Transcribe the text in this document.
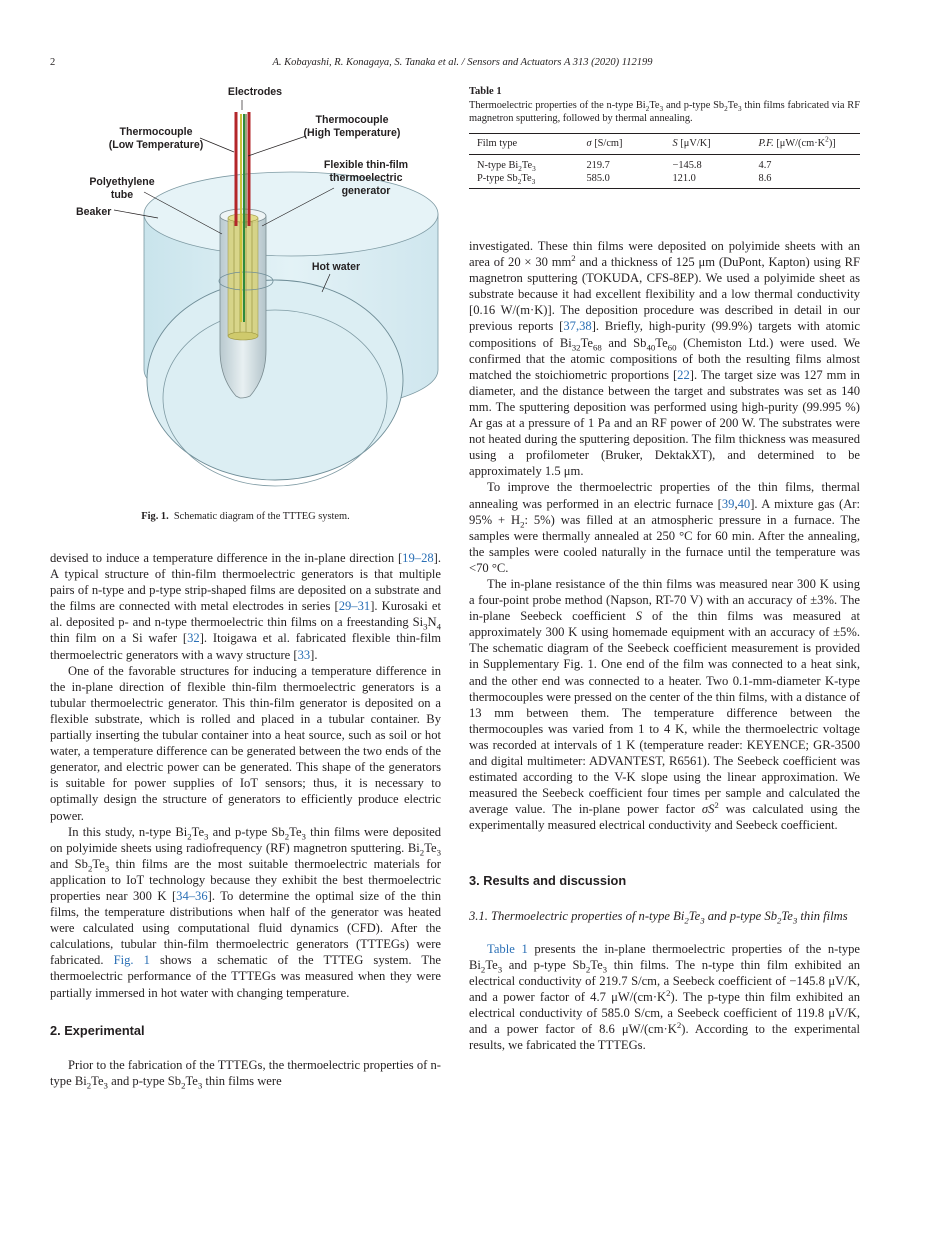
2	A. Kobayashi, R. Konagaya, S. Tanaka et al. / Sensors and Actuators A 313 (2020) 112199
Electrodes
Thermocouple
(Low Temperature)
Thermocouple
(High Temperature)
Flexible thin-film
thermoelectric
generator
Polyethylene
tube
Beaker
Hot water
Fig. 1. Schematic diagram of the TTTEG system.
Table 1
Thermoelectric properties of the n-type $Bi_2Te_3$ and p-type $Sb_2Te_3$ thin films fabricated via RF magnetron sputtering, followed by thermal annealing.
Film type	σ [S/cm]	S [μV/K]	P.F. $[\mu W/(cm\cdot K^2)]$
N-type $Bi_2Te_3$	219.7	−145.8	4.7
P-type $Sb_2Te_3$	585.0	121.0	8.6

devised to induce a temperature difference in the in-plane direction [19–28]. A typical structure of thin-film thermoelectric generators is that multiple pairs of n-type and p-type strip-shaped films are deposited on a substrate and the films are connected with metal electrodes in series [29–31]. Kurosaki et al. deposited p- and n-type thermoelectric thin films on a freestanding $Si_3N_4$ thin film on a Si wafer [32]. Itoigawa et al. fabricated flexible thin-film thermoelectric generators with a wavy structure [33].

One of the favorable structures for inducing a temperature difference in the in-plane direction of flexible thin-film thermoelectric generators is a tubular thermoelectric generator. This thin-film generator is deposited on a flexible substrate, which is rolled and placed in a tubular container. By partially inserting the tubular container into a heat source, such as soil or hot water, a temperature difference can be generated between the two ends of the generator, and electric power can be generated. This shape of the generators is suitable for power supplies of IoT sensors; thus, it is necessary to optimally design the structure of generators to efficiently produce electric power.

In this study, n-type $Bi_2Te_3$ and p-type $Sb_2Te_3$ thin films were deposited on polyimide sheets using radiofrequency (RF) magnetron sputtering. $Bi_2Te_3$ and $Sb_2Te_3$ thin films are the most suitable thermoelectric materials for application to IoT technology because they exhibit the best thermoelectric properties near 300 K [34–36]. To determine the optimal size of the thin films, the temperature distributions when half of the generator was heated were calculated using computational fluid dynamics (CFD). After the calculations, tubular thin-film thermoelectric generators (TTTEGs) were fabricated. Fig. 1 shows a schematic of the TTTEG system. The thermoelectric performance of the TTTEGs was measured when they were partially immersed in hot water with changing temperature.

2. Experimental

Prior to the fabrication of the TTTEGs, the thermoelectric properties of n-type $Bi_2Te_3$ and p-type $Sb_2Te_3$ thin films were

investigated. These thin films were deposited on polyimide sheets with an area of 20 × 30 $mm^2$ and a thickness of 125 μm (DuPont, Kapton) using RF magnetron sputtering (TOKUDA, CFS-8EP). We used a polyimide sheet as substrate because it had excellent flexibility and a low thermal conductivity [0.16 W/(m·K)]. The deposition procedure was described in detail in our previous reports [37,38]. Briefly, high-purity (99.9%) targets with atomic compositions of $Bi_{32}Te_{68}$ and $Sb_{40}Te_{60}$ (Chemiston Ltd.) were used. We confirmed that the atomic compositions of both the resulting films almost matched the stoichiometric proportions [22]. The target size was 127 mm in diameter, and the distance between the target and substrates was set as 140 mm. The sputtering deposition was performed using high-purity (99.995 %) Ar gas at a pressure of 1 Pa and an RF power of 200 W. The substrates were not heated during the sputtering deposition. The film thickness was measured using a profilometer (Bruker, DektakXT), and determined to be approximately 1.5 μm.

To improve the thermoelectric properties of the thin films, thermal annealing was performed in an electric furnace [39,40]. A mixture gas (Ar: $95\% + H_2$: 5%) was filled at an atmospheric pressure in a furnace. The samples were thermally annealed at 250 °C for 60 min. After the annealing, the samples were cooled naturally in the furnace until the temperature was <70 °C.

The in-plane resistance of the thin films was measured near 300 K using a four-point probe method (Napson, RT-70 V) with an accuracy of ±3%. The in-plane Seebeck coefficient S of the thin films was measured at approximately 300 K using homemade equipment with an accuracy of ±5%. The schematic diagram of the Seebeck coefficient measurement is provided in Supplementary Fig. 1. One end of the film was connected to a heat sink, and the other end was connected to a heater. Two 0.1-mm-diameter K-type thermocouples were pressed on the center of the thin films, with a distance of 13 mm between them. The temperature difference between the thermocouples was varied from 1 to 4 K, while the thermoelectric voltage was recorded at intervals of 1 K (temperature reader: KEYENCE; GR-3500 and digital multimeter: ADVANTEST, R6561). The Seebeck coefficient was estimated according to the V-K slope using the linear approximation. We measured the Seebeck coefficient four times per sample and calculated the average value. The in-plane power factor $\sigma S^2$ was calculated using the experimentally measured electrical conductivity and Seebeck coefficient.

3. Results and discussion
3.1. Thermoelectric properties of n-type $Bi_2Te_3$ and p-type $Sb_2Te_3$ thin films

Table 1 presents the in-plane thermoelectric properties of the n-type $Bi_2Te_3$ and p-type $Sb_2Te_3$ thin films. The n-type thin film exhibited an electrical conductivity of 219.7 S/cm, a Seebeck coefficient of −145.8 μV/K, and a power factor of 4.7 $\mu W/(cm\cdot K^2)$. The p-type thin film exhibited an electrical conductivity of 585.0 S/cm, a Seebeck coefficient of 119.8 μV/K, and a power factor of 8.6 $\mu W/(cm\cdot K^2)$. According to the experimental results, we fabricated the TTTEGs.
